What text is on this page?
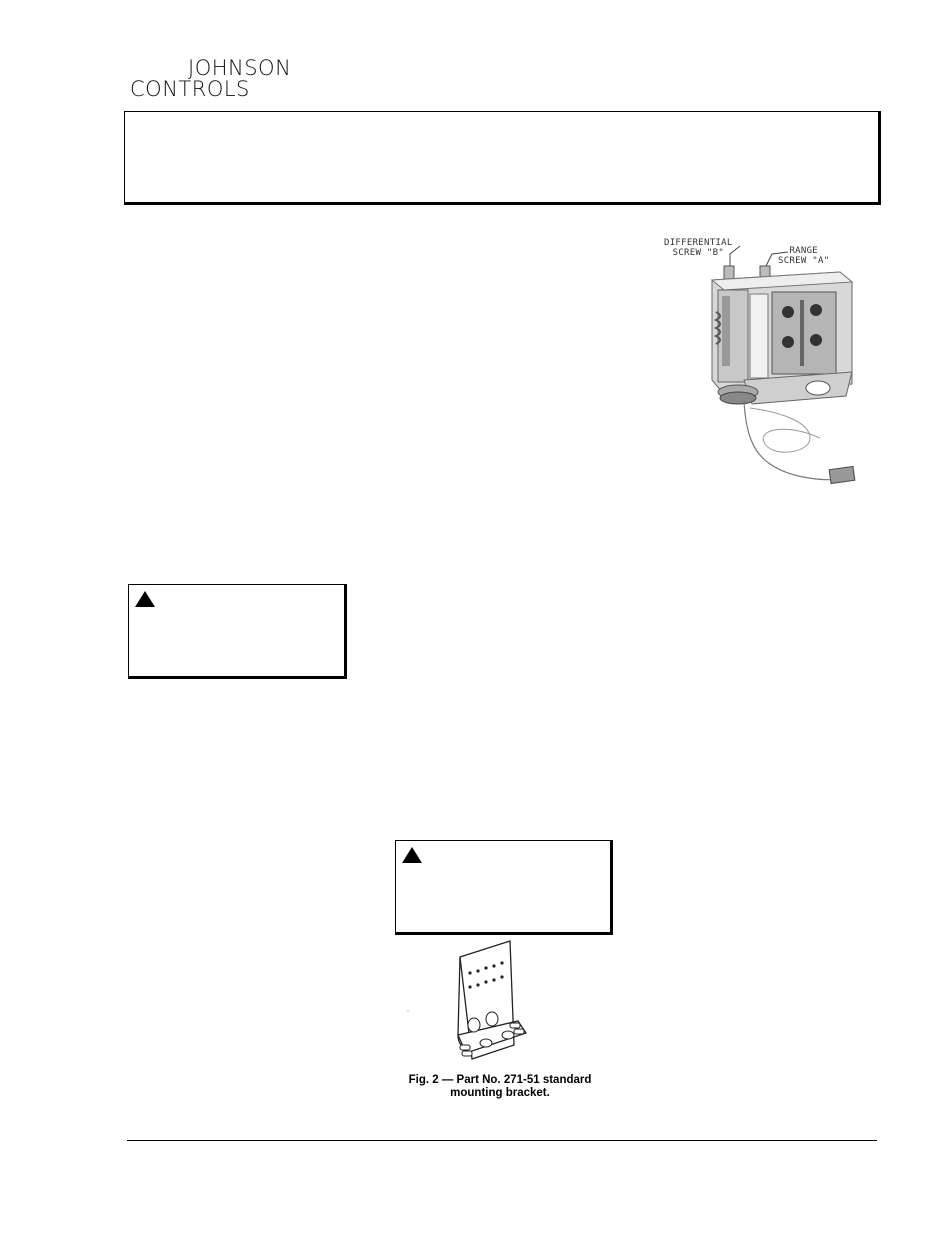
JOHNSON
CONTROLS
DIFFERENTIAL
SCREW "B"	RANGE
SCREW "A"
Fig. 2 — Part No. 271-51 standard
mounting bracket.
